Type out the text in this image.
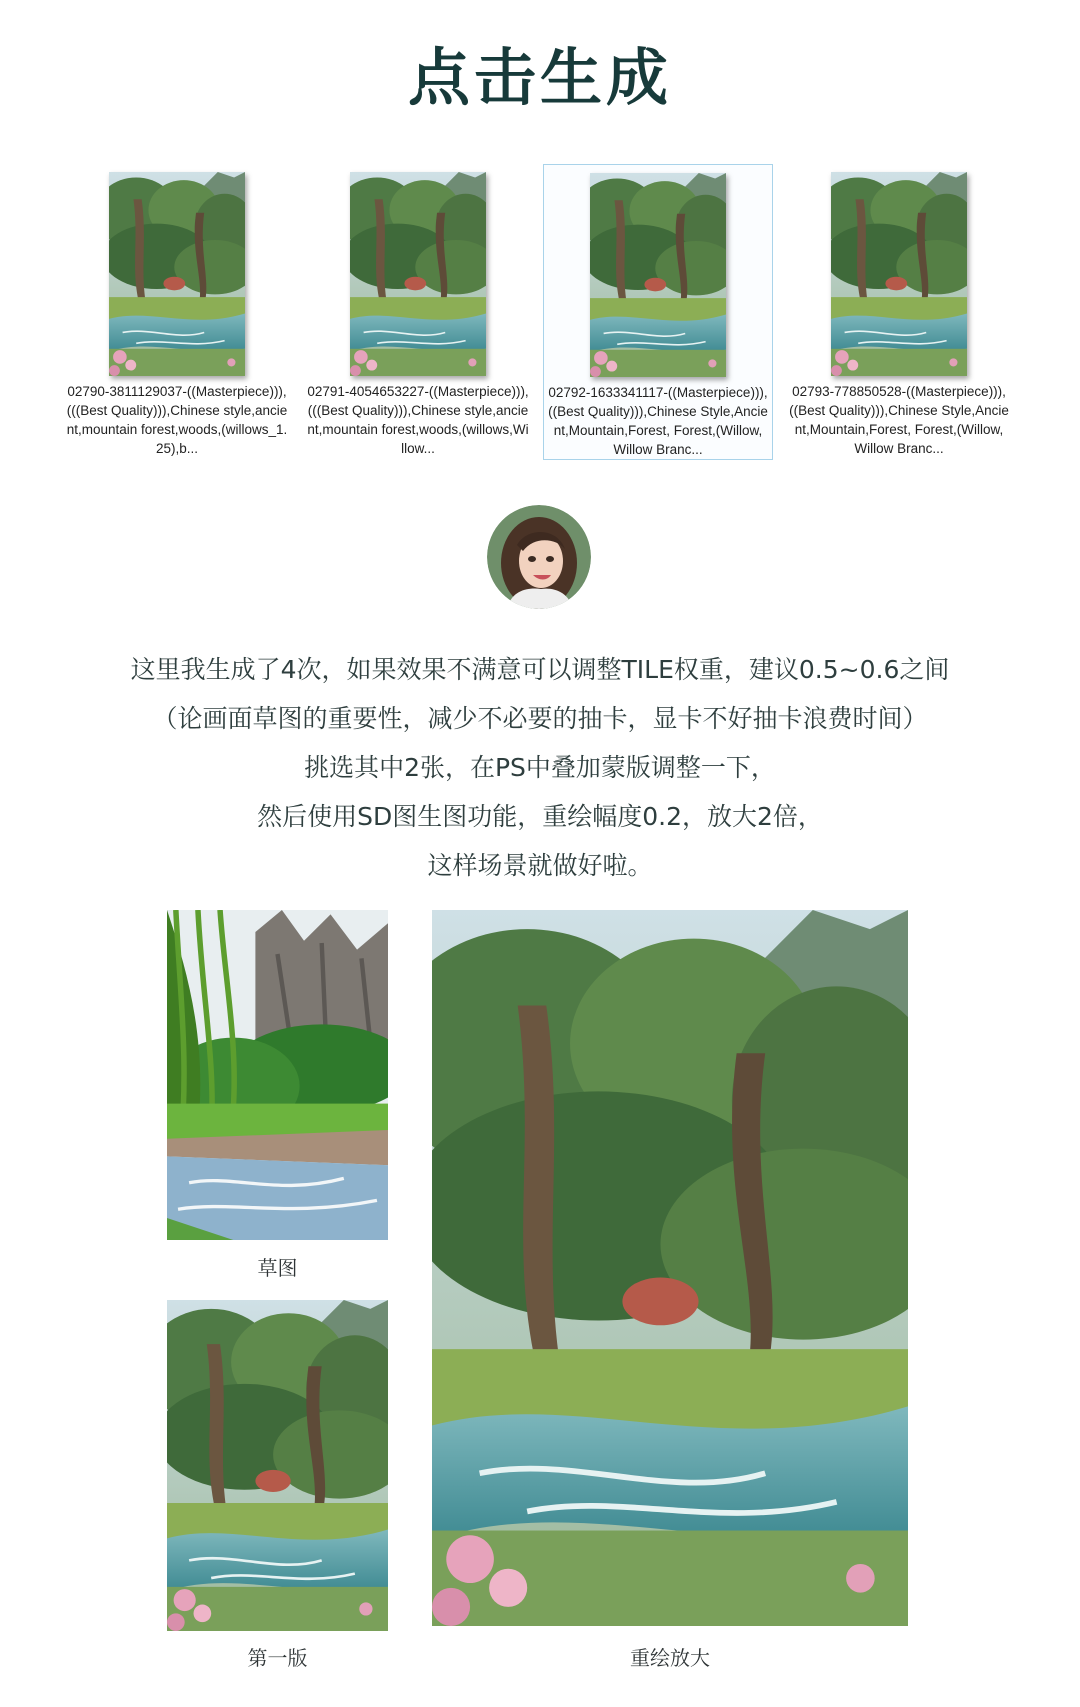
点击生成
02790-3811129037-((Masterpiece))),(((Best Quality))),Chinese style,ancient,mountain forest,woods,(willows_1.25),b...
02791-4054653227-((Masterpiece))),(((Best Quality))),Chinese style,ancient,mountain forest,woods,(willows,Willow...
02792-1633341117-((Masterpiece))),((Best Quality))),Chinese Style,Ancient,Mountain,Forest, Forest,(Willow, Willow Branc...
02793-778850528-((Masterpiece))),((Best Quality))),Chinese Style,Ancient,Mountain,Forest, Forest,(Willow, Willow Branc...
这里我生成了4次，如果效果不满意可以调整TILE权重，建议0.5~0.6之间
（论画面草图的重要性，减少不必要的抽卡，显卡不好抽卡浪费时间）
挑选其中2张，在PS中叠加蒙版调整一下，
然后使用SD图生图功能，重绘幅度0.2，放大2倍，
这样场景就做好啦。
草图
第一版	重绘放大
